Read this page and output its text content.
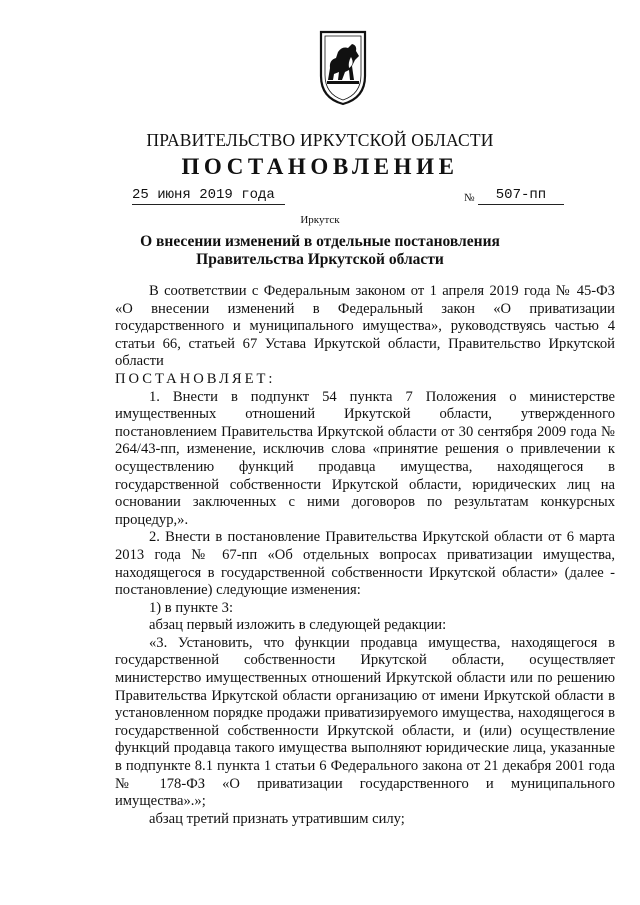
ПРАВИТЕЛЬСТВО ИРКУТСКОЙ ОБЛАСТИ
ПОСТАНОВЛЕНИЕ
25 июня 2019 года	№	507-пп
Иркутск
О внесении изменений в отдельные постановления
Правительства Иркутской области

В соответствии с Федеральным законом от 1 апреля 2019 года № 45-ФЗ «О внесении изменений в Федеральный закон «О приватизации государственного и муниципального имущества», руководствуясь частью 4 статьи 66, статьей 67 Устава Иркутской области, Правительство Иркутской области

ПОСТАНОВЛЯЕТ:

1. Внести в подпункт 54 пункта 7 Положения о министерстве имущественных отношений Иркутской области, утвержденного постановлением Правительства Иркутской области от 30 сентября 2009 года № 264/43-пп, изменение, исключив слова «принятие решения о привлечении к осуществлению функций продавца имущества, находящегося в государственной собственности Иркутской области, юридических лиц на основании заключенных с ними договоров по результатам конкурсных процедур,».

2. Внести в постановление Правительства Иркутской области от 6 марта 2013 года № 67-пп «Об отдельных вопросах приватизации имущества, находящегося в государственной собственности Иркутской области» (далее - постановление) следующие изменения:

1) в пункте 3:

абзац первый изложить в следующей редакции:

«3. Установить, что функции продавца имущества, находящегося в государственной собственности Иркутской области, осуществляет министерство имущественных отношений Иркутской области или по решению Правительства Иркутской области организацию от имени Иркутской области в установленном порядке продажи приватизируемого имущества, находящегося в государственной собственности Иркутской области, и (или) осуществление функций продавца такого имущества выполняют юридические лица, указанные в подпункте 8.1 пункта 1 статьи 6 Федерального закона от 21 декабря 2001 года № 178-ФЗ «О приватизации государственного и муниципального имущества».»;

абзац третий признать утратившим силу;
